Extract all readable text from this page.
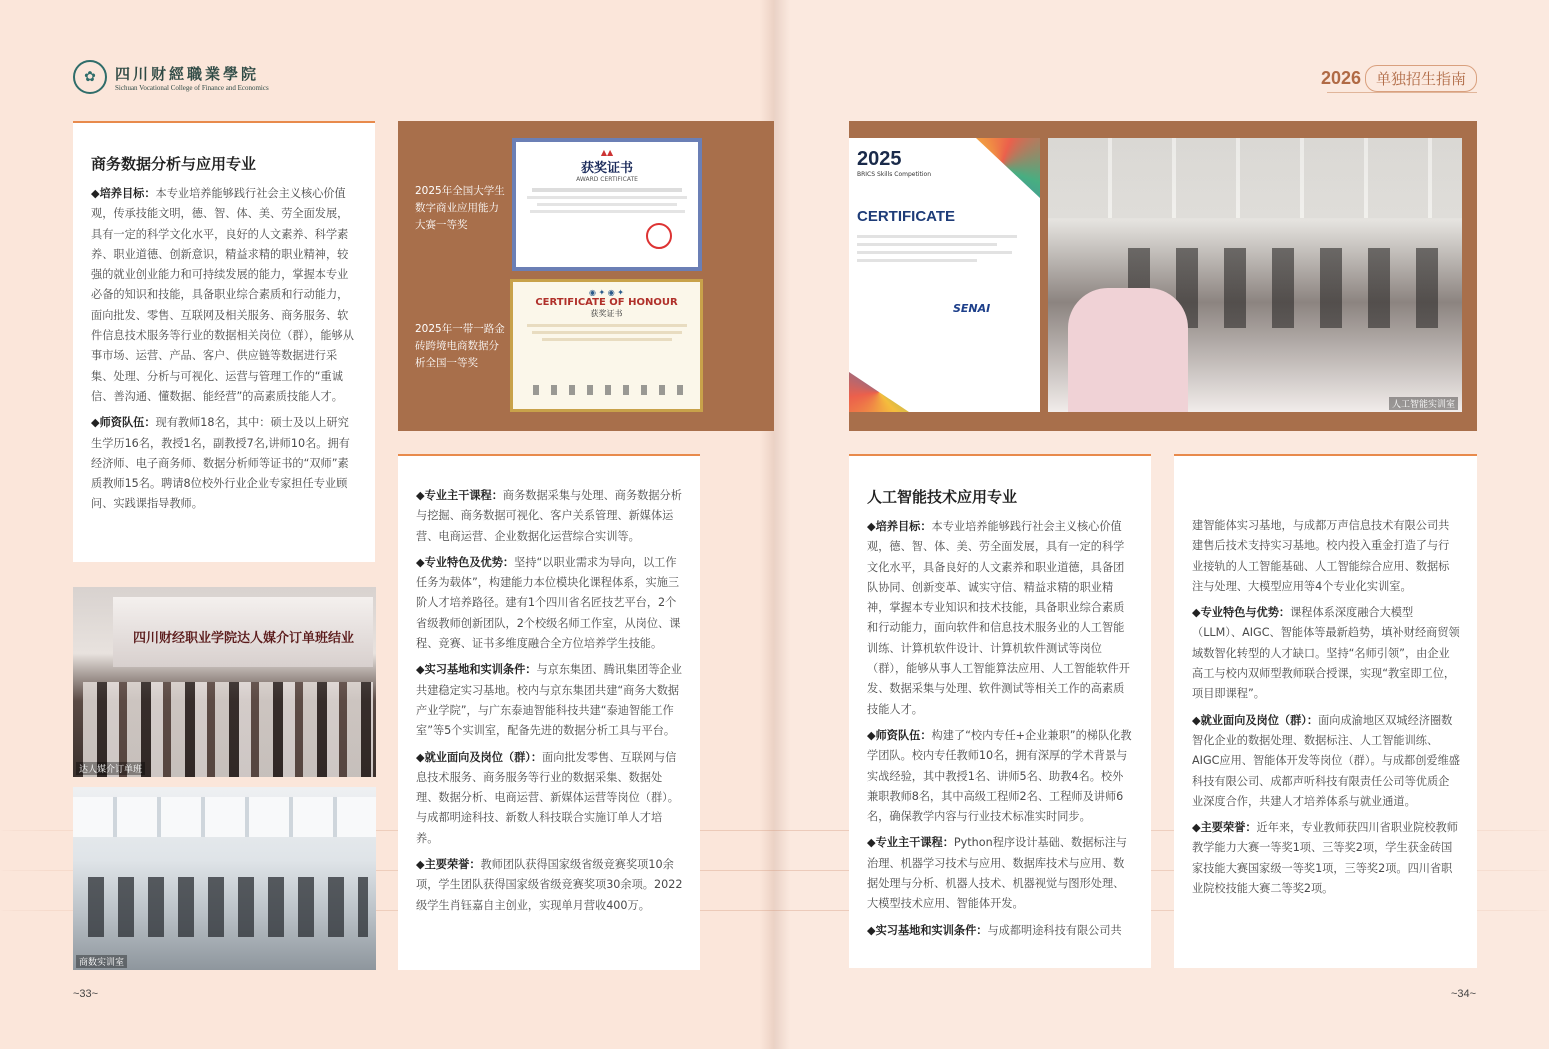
✿	四川财經職業學院
Sichuan Vocational College of Finance and Economics	2026	单独招生指南
商务数据分析与应用专业
◆培养目标：本专业培养能够践行社会主义核心价值观，传承技能文明，德、智、体、美、劳全面发展，具有一定的科学文化水平，良好的人文素养、科学素养、职业道德、创新意识，精益求精的职业精神，较强的就业创业能力和可持续发展的能力，掌握本专业必备的知识和技能，具备职业综合素质和行动能力，面向批发、零售、互联网及相关服务、商务服务、软件信息技术服务等行业的数据相关岗位（群），能够从事市场、运营、产品、客户、供应链等数据进行采集、处理、分析与可视化、运营与管理工作的“重诚信、善沟通、懂数据、能经营”的高素质技能人才。
◆师资队伍：现有教师18名，其中：硕士及以上研究生学历16名，教授1名，副教授7名,讲师10名。拥有经济师、电子商务师、数据分析师等证书的“双师”素质教师15名。聘请8位校外行业企业专家担任专业顾问、实践课指导教师。
2025年全国大学生数字商业应用能力大赛一等奖
2025年一带一路金砖跨境电商数据分析全国一等奖
▲▲
获奖证书
AWARD CERTIFICATE
◉ ✦ ◉ ✦
CERTIFICATE OF HONOUR
获奖证书
◆专业主干课程：商务数据采集与处理、商务数据分析与挖掘、商务数据可视化、客户关系管理、新媒体运营、电商运营、企业数据化运营综合实训等。
◆专业特色及优势：坚持“以职业需求为导向，以工作任务为载体”，构建能力本位模块化课程体系，实施三阶人才培养路径。建有1个四川省名匠技艺平台，2个省级教师创新团队，2个校级名师工作室，从岗位、课程、竞赛、证书多维度融合全方位培养学生技能。
◆实习基地和实训条件：与京东集团、腾讯集团等企业共建稳定实习基地。校内与京东集团共建“商务大数据产业学院”，与广东泰迪智能科技共建“泰迪智能工作室”等5个实训室，配备先进的数据分析工具与平台。
◆就业面向及岗位（群）：面向批发零售、互联网与信息技术服务、商务服务等行业的数据采集、数据处理、数据分析、电商运营、新媒体运营等岗位（群）。与成都明途科技、新数人科技联合实施订单人才培养。
◆主要荣誉：教师团队获得国家级省级竞赛奖项10余项，学生团队获得国家级省级竞赛奖项30余项。2022级学生肖钰嘉自主创业，实现单月营收400万。
四川财经职业学院达人媒介订单班结业
达人媒介订单班
商数实训室
~33~
2025
BRICS Skills Competition
CERTIFICATE
SENAI
人工智能实训室
人工智能技术应用专业
◆培养目标：本专业培养能够践行社会主义核心价值观，德、智、体、美、劳全面发展，具有一定的科学文化水平，具备良好的人文素养和职业道德，具备团队协同、创新变革、诚实守信、精益求精的职业精神，掌握本专业知识和技术技能，具备职业综合素质和行动能力，面向软件和信息技术服务业的人工智能训练、计算机软件设计、计算机软件测试等岗位（群），能够从事人工智能算法应用、人工智能软件开发、数据采集与处理、软件测试等相关工作的高素质技能人才。
◆师资队伍：构建了“校内专任+企业兼职”的梯队化教学团队。校内专任教师10名，拥有深厚的学术背景与实战经验，其中教授1名、讲师5名、助教4名。校外兼职教师8名，其中高级工程师2名、工程师及讲师6名，确保教学内容与行业技术标准实时同步。
◆专业主干课程：Python程序设计基础、数据标注与治理、机器学习技术与应用、数据库技术与应用、数据处理与分析、机器人技术、机器视觉与图形处理、大模型技术应用、智能体开发。
◆实习基地和实训条件：与成都明途科技有限公司共
建智能体实习基地，与成都万声信息技术有限公司共建售后技术支持实习基地。校内投入重金打造了与行业接轨的人工智能基础、人工智能综合应用、数据标注与处理、大模型应用等4个专业化实训室。
◆专业特色与优势：课程体系深度融合大模型（LLM）、AIGC、智能体等最新趋势，填补财经商贸领域数智化转型的人才缺口。坚持“名师引领”，由企业高工与校内双师型教师联合授课，实现“教室即工位，项目即课程”。
◆就业面向及岗位（群）：面向成渝地区双城经济圈数智化企业的数据处理、数据标注、人工智能训练、AIGC应用、智能体开发等岗位（群）。与成都创爱维盛科技有限公司、成都声听科技有限责任公司等优质企业深度合作，共建人才培养体系与就业通道。
◆主要荣誉：近年来，专业教师获四川省职业院校教师教学能力大赛一等奖1项、三等奖2项，学生获金砖国家技能大赛国家级一等奖1项，三等奖2项。四川省职业院校技能大赛二等奖2项。
~34~
